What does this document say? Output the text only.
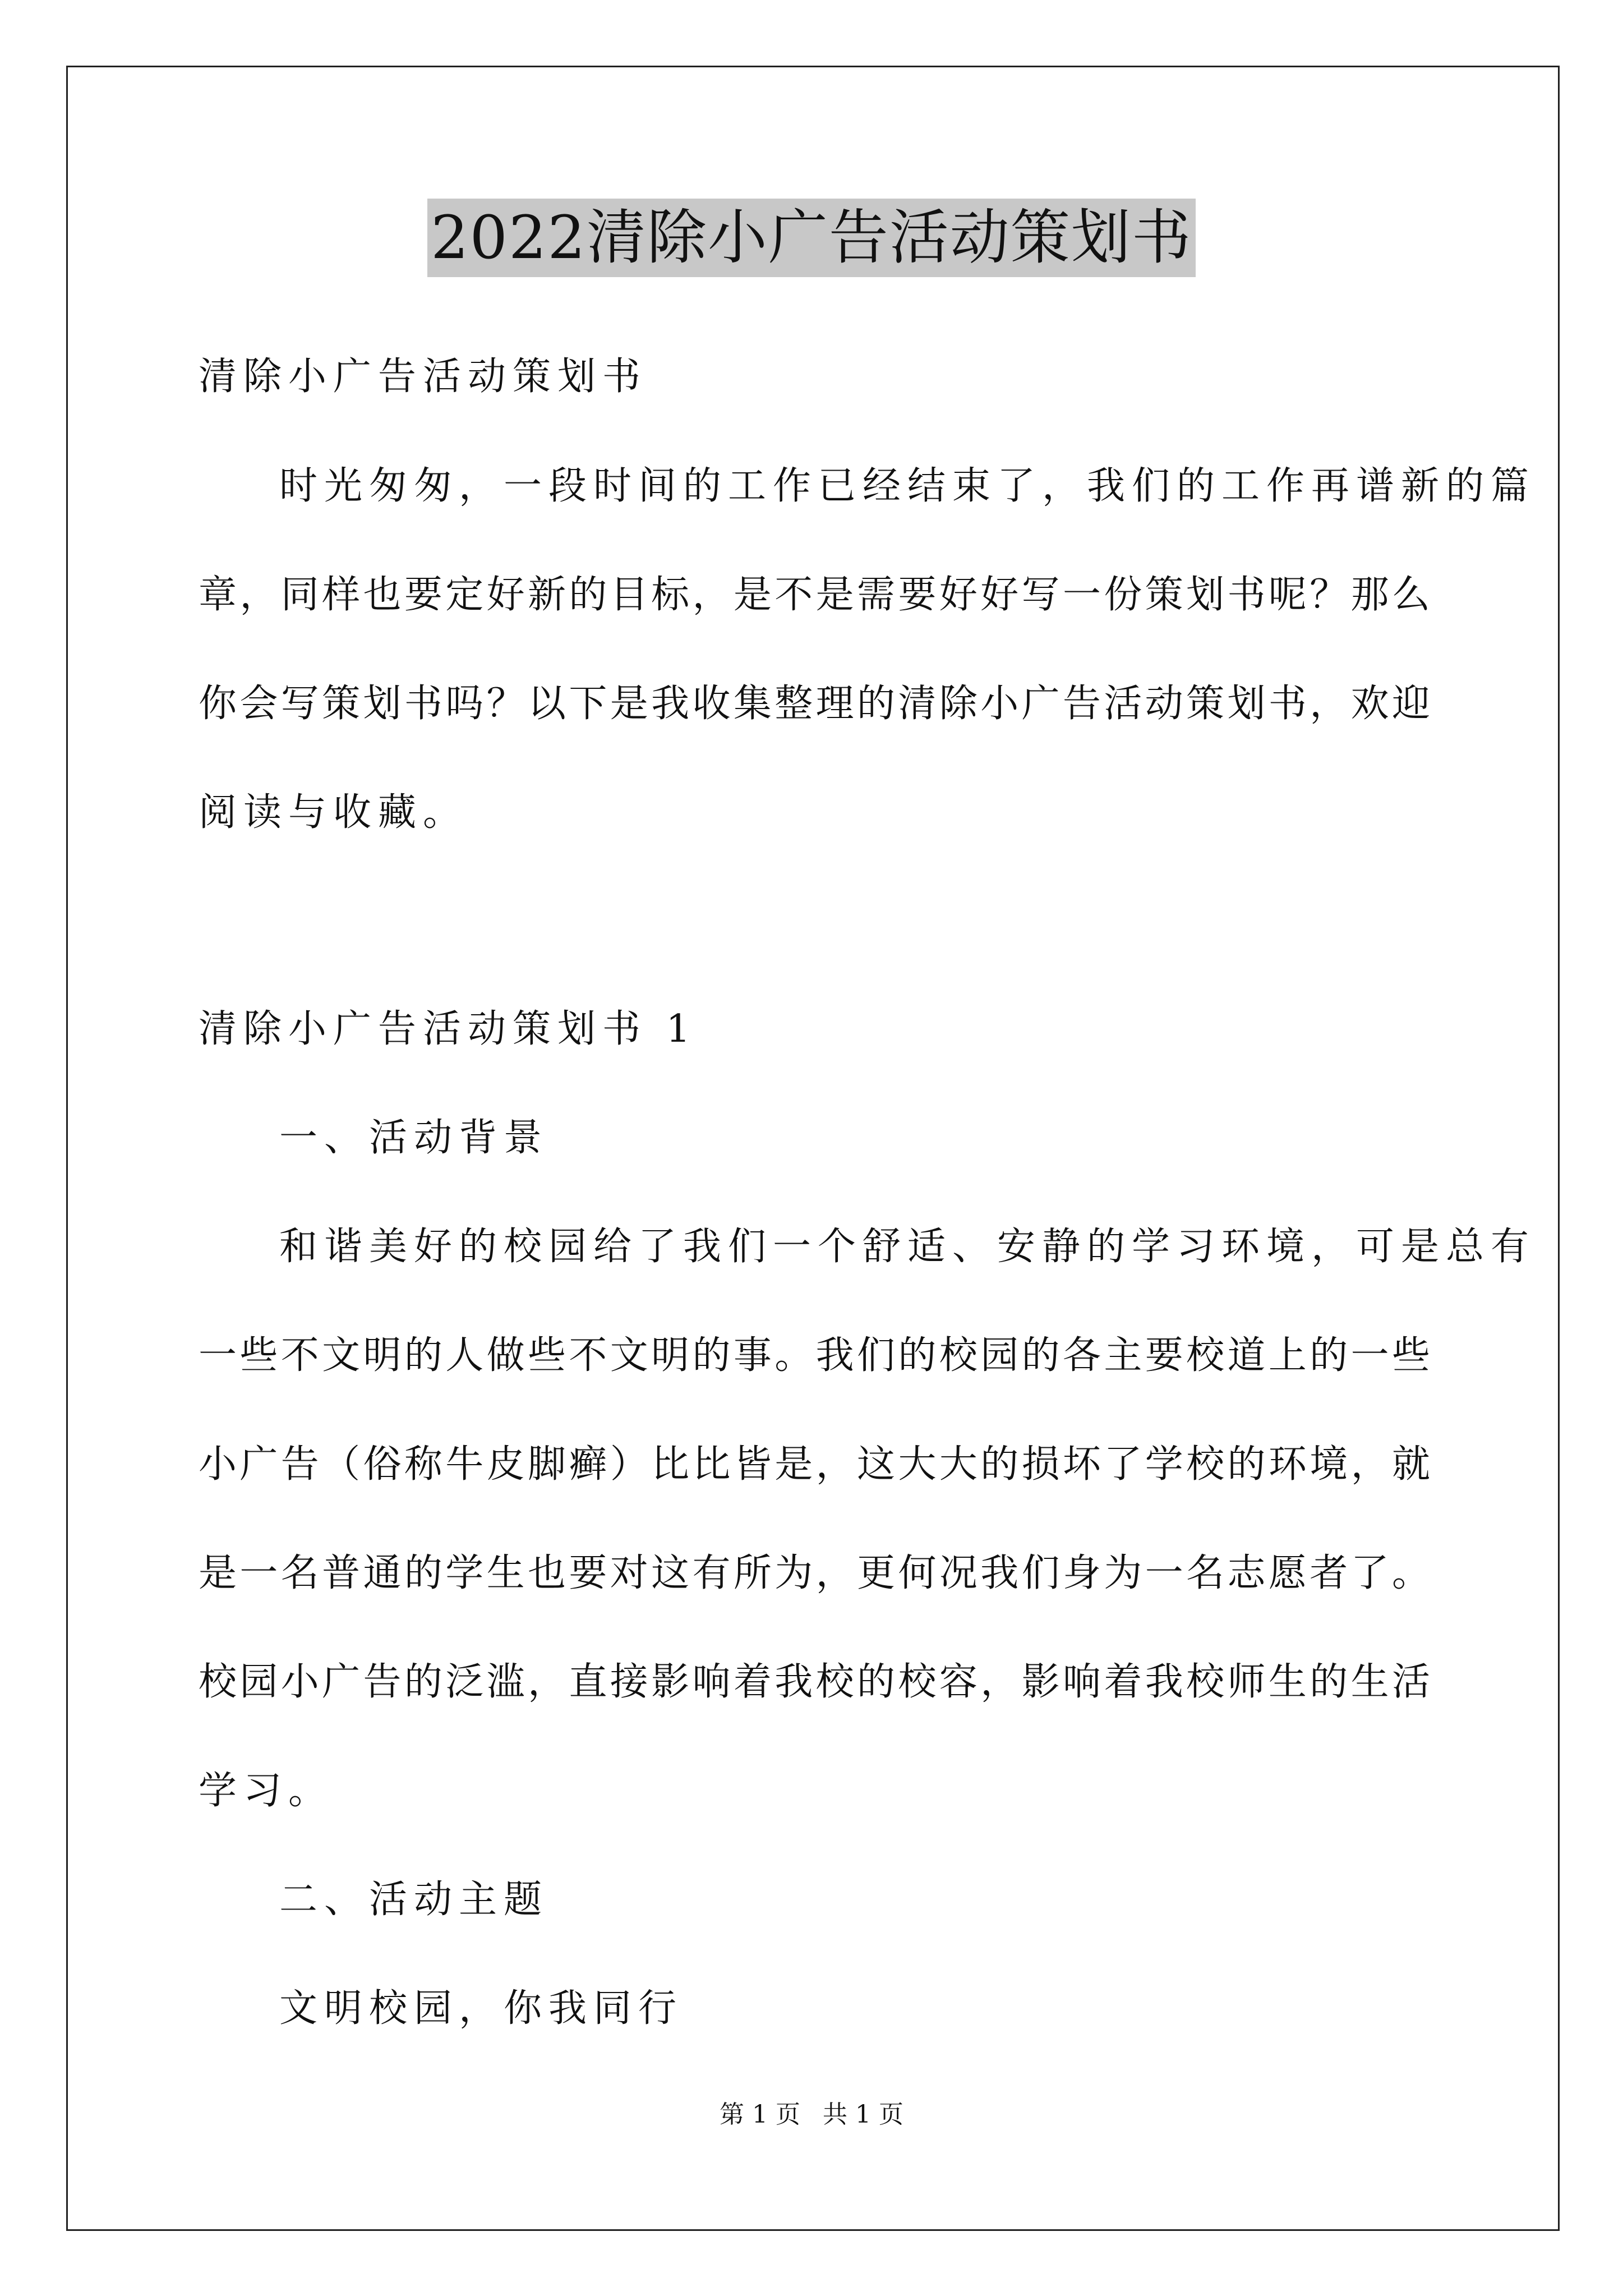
2022清除小广告活动策划书
清除小广告活动策划书
时光匆匆，一段时间的工作已经结束了，我们的工作再谱新的篇
章，同样也要定好新的目标，是不是需要好好写一份策划书呢？那么
你会写策划书吗？以下是我收集整理的清除小广告活动策划书，欢迎
阅读与收藏。
清除小广告活动策划书 1
一、活动背景
和谐美好的校园给了我们一个舒适、安静的学习环境，可是总有
一些不文明的人做些不文明的事。我们的校园的各主要校道上的一些
小广告（俗称牛皮脚癣）比比皆是，这大大的损坏了学校的环境，就
是一名普通的学生也要对这有所为，更何况我们身为一名志愿者了。
校园小广告的泛滥，直接影响着我校的校容，影响着我校师生的生活
学习。
二、活动主题
文明校园，你我同行
第 1 页 共 1 页
